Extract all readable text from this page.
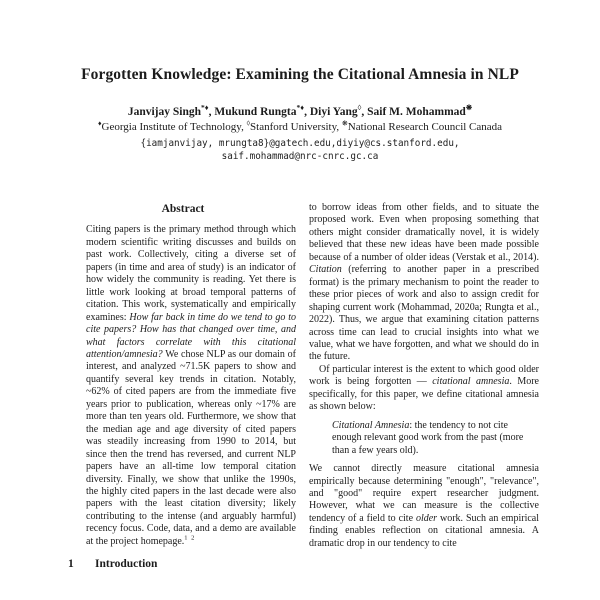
Forgotten Knowledge: Examining the Citational Amnesia in NLP
Janvijay Singh*♦, Mukund Rungta*♦, Diyi Yang◊, Saif M. Mohammad❋
♦Georgia Institute of Technology, ◊Stanford University, ❋National Research Council Canada
{iamjanvijay, mrungta8}@gatech.edu,diyiy@cs.stanford.edu,
saif.mohammad@nrc-cnrc.gc.ca
Abstract

Citing papers is the primary method through which modern scientific writing discusses and builds on past work. Collectively, citing a diverse set of papers (in time and area of study) is an indicator of how widely the community is reading. Yet there is little work looking at broad temporal patterns of citation. This work, systematically and empirically examines: How far back in time do we tend to go to cite papers? How has that changed over time, and what factors correlate with this citational attention/amnesia? We chose NLP as our domain of interest, and analyzed ~71.5K papers to show and quantify several key trends in citation. Notably, ~62% of cited papers are from the immediate five years prior to publication, whereas only ~17% are more than ten years old. Furthermore, we show that the median age and age diversity of cited papers was steadily increasing from 1990 to 2014, but since then the trend has reversed, and current NLP papers have an all-time low temporal citation diversity. Finally, we show that unlike the 1990s, the highly cited papers in the last decade were also papers with the least citation diversity; likely contributing to the intense (and arguably harmful) recency focus. Code, data, and a demo are available at the project homepage.$^{1 2}$

1	Introduction

to borrow ideas from other fields, and to situate the proposed work. Even when proposing something that others might consider dramatically novel, it is widely believed that these new ideas have been made possible because of a number of older ideas (Verstak et al., 2014). Citation (referring to another paper in a prescribed format) is the primary mechanism to point the reader to these prior pieces of work and also to assign credit for shaping current work (Mohammad, 2020a; Rungta et al., 2022). Thus, we argue that examining citation patterns across time can lead to crucial insights into what we value, what we have forgotten, and what we should do in the future.

Of particular interest is the extent to which good older work is being forgotten — citational amnesia. More specifically, for this paper, we define citational amnesia as shown below:

Citational Amnesia: the tendency to not cite enough relevant good work from the past (more than a few years old).

We cannot directly measure citational amnesia empirically because determining "enough", "relevance", and "good" require expert researcher judgment. However, what we can measure is the collective tendency of a field to cite older work. Such an empirical finding enables reflection on citational amnesia. A dramatic drop in our tendency to cite
